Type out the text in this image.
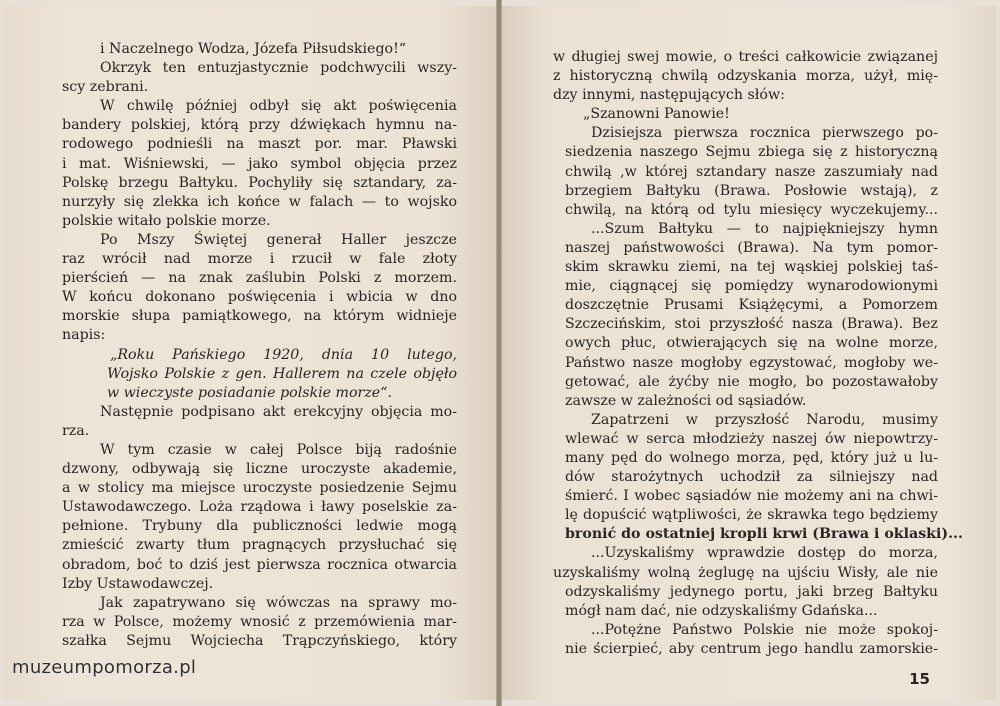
i Naczelnego Wodza, Józefa Piłsudskiego!“
Okrzyk ten entuzjastycznie podchwycili wszy-
scy zebrani.
W chwilę później odbył się akt poświęcenia
bandery polskiej, którą przy dźwiękach hymnu na-
rodowego podnieśli na maszt por. mar. Pławski
i mat. Wiśniewski, — jako symbol objęcia przez
Polskę brzegu Bałtyku. Pochyliły się sztandary, za-
nurzyły się zlekka ich końce w falach — to wojsko
polskie witało polskie morze.
Po Mszy Świętej generał Haller jeszcze
raz wrócił nad morze i rzucił w fale złoty
pierścień — na znak zaślubin Polski z morzem.
W końcu dokonano poświęcenia i wbicia w dno
morskie słupa pamiątkowego, na którym widnieje
napis:
„Roku Pańskiego 1920, dnia 10 lutego,
Wojsko Polskie z gen. Hallerem na czele objęło
w wieczyste posiadanie polskie morze“.
Następnie podpisano akt erekcyjny objęcia mo-
rza.
W tym czasie w całej Polsce biją radośnie
dzwony, odbywają się liczne uroczyste akademie,
a w stolicy ma miejsce uroczyste posiedzenie Sejmu
Ustawodawczego. Loża rządowa i ławy poselskie za-
pełnione. Trybuny dla publiczności ledwie mogą
zmieścić zwarty tłum pragnących przysłuchać się
obradom, boć to dziś jest pierwsza rocznica otwarcia
Izby Ustawodawczej.
Jak zapatrywano się wówczas na sprawy mo-
rza w Polsce, możemy wnosić z przemówienia mar-
szałka Sejmu Wojciecha Trąpczyńskiego, który
w długiej swej mowie, o treści całkowicie związanej
z historyczną chwilą odzyskania morza, użył, mię-
dzy innymi, następujących słów:
„Szanowni Panowie!
Dzisiejsza pierwsza rocznica pierwszego po-
siedzenia naszego Sejmu zbiega się z historyczną
chwilą ,w której sztandary nasze zaszumiały nad
brzegiem Bałtyku (Brawa. Posłowie wstają), z
chwilą, na którą od tylu miesięcy wyczekujemy...
...Szum Bałtyku — to najpiękniejszy hymn
naszej państwowości (Brawa). Na tym pomor-
skim skrawku ziemi, na tej wąskiej polskiej taś-
mie, ciągnącej się pomiędzy wynarodowionymi
doszczętnie Prusami Książęcymi, a Pomorzem
Szczecińskim, stoi przyszłość nasza (Brawa). Bez
owych płuc, otwierających się na wolne morze,
Państwo nasze mogłoby egzystować, mogłoby we-
getować, ale żyćby nie mogło, bo pozostawałoby
zawsze w zależności od sąsiadów.
Zapatrzeni w przyszłość Narodu, musimy
wlewać w serca młodzieży naszej ów niepowtrzy-
many pęd do wolnego morza, pęd, który już u lu-
dów starożytnych uchodził za silniejszy nad
śmierć. I wobec sąsiadów nie możemy ani na chwi-
lę dopuścić wątpliwości, że skrawka tego będziemy
bronić do ostatniej kropli krwi (Brawa i oklaski)...
...Uzyskaliśmy wprawdzie dostęp do morza,
uzyskaliśmy wolną żeglugę na ujściu Wisły, ale nie
odzyskaliśmy jedynego portu, jaki brzeg Bałtyku
mógł nam dać, nie odzyskaliśmy Gdańska...
...Potężne Państwo Polskie nie może spokoj-
nie ścierpieć, aby centrum jego handlu zamorskie-
15
muzeumpomorza.pl
